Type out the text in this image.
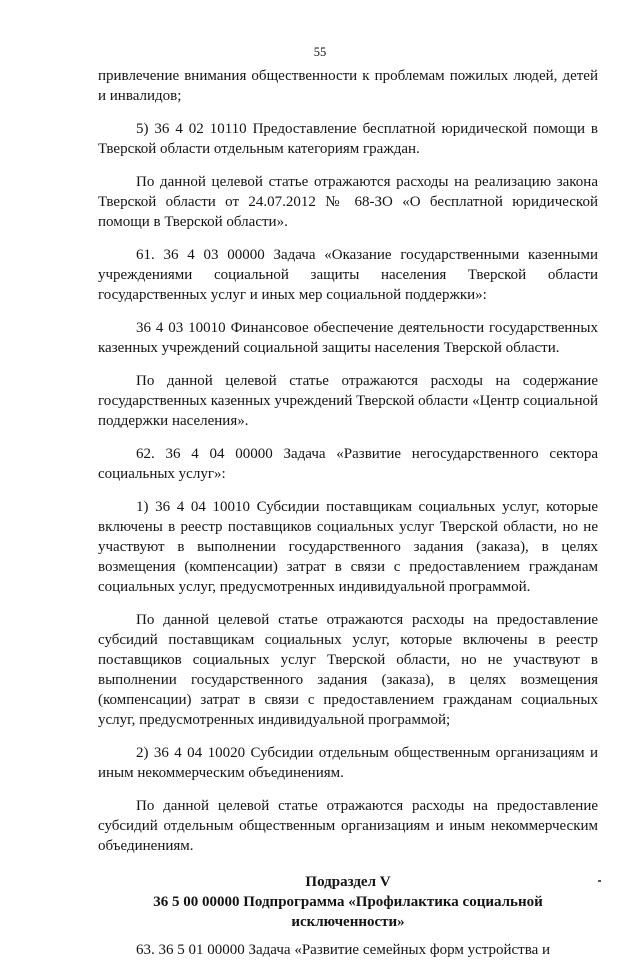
55

привлечение внимания общественности к проблемам пожилых людей, детей и инвалидов;

5) 36 4 02 10110 Предоставление бесплатной юридической помощи в Тверской области отдельным категориям граждан.

По данной целевой статье отражаются расходы на реализацию закона Тверской области от 24.07.2012 № 68-ЗО «О бесплатной юридической помощи в Тверской области».

61. 36 4 03 00000 Задача «Оказание государственными казенными учреждениями социальной защиты населения Тверской области государственных услуг и иных мер социальной поддержки»:

36 4 03 10010 Финансовое обеспечение деятельности государственных казенных учреждений социальной защиты населения Тверской области.

По данной целевой статье отражаются расходы на содержание государственных казенных учреждений Тверской области «Центр социальной поддержки населения».

62. 36 4 04 00000 Задача «Развитие негосударственного сектора социальных услуг»:

1) 36 4 04 10010 Субсидии поставщикам социальных услуг, которые включены в реестр поставщиков социальных услуг Тверской области, но не участвуют в выполнении государственного задания (заказа), в целях возмещения (компенсации) затрат в связи с предоставлением гражданам социальных услуг, предусмотренных индивидуальной программой.

По данной целевой статье отражаются расходы на предоставление субсидий поставщикам социальных услуг, которые включены в реестр поставщиков социальных услуг Тверской области, но не участвуют в выполнении государственного задания (заказа), в целях возмещения (компенсации) затрат в связи с предоставлением гражданам социальных услуг, предусмотренных индивидуальной программой;

2) 36 4 04 10020 Субсидии отдельным общественным организациям и иным некоммерческим объединениям.

По данной целевой статье отражаются расходы на предоставление субсидий отдельным общественным организациям и иным некоммерческим объединениям.

Подраздел V
36 5 00 00000 Подпрограмма «Профилактика социальной
исключенности»

63. 36 5 01 00000 Задача «Развитие семейных форм устройства и
